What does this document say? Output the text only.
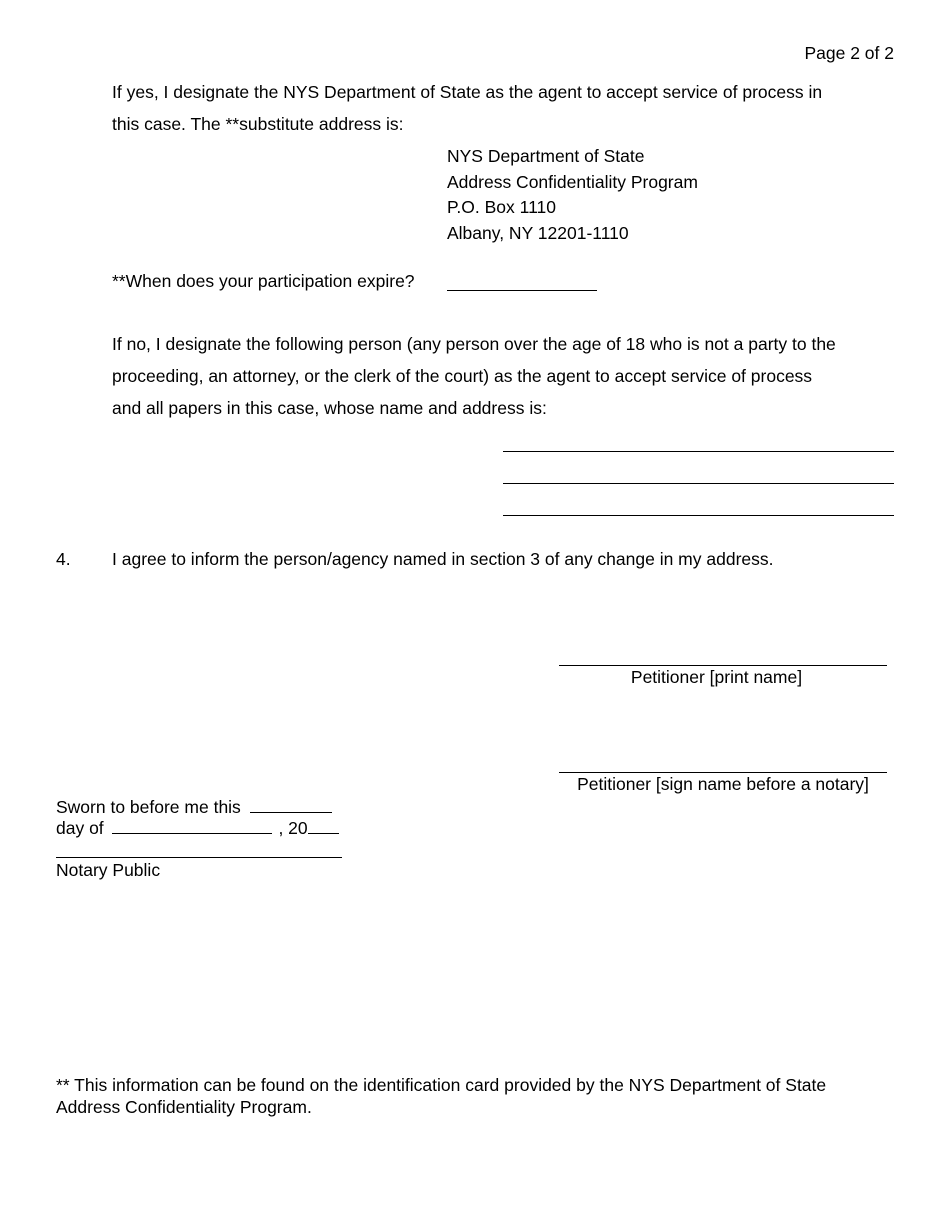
Page 2 of 2
If yes, I designate the NYS Department of State as the agent to accept service of process in
this case. The **substitute address is:
NYS Department of State
Address Confidentiality Program
P.O. Box 1110
Albany, NY 12201-1110
**When does your participation expire?
If no, I designate the following person (any person over the age of 18 who is not a party to the
proceeding, an attorney, or the clerk of the court) as the agent to accept service of process
and all papers in this case, whose name and address is:
4. I agree to inform the person/agency named in section 3 of any change in my address.
Petitioner [print name]
Petitioner [sign name before a notary]
Sworn to before me this
day of	, 20
Notary Public
** This information can be found on the identification card provided by the NYS Department of State
Address Confidentiality Program.
